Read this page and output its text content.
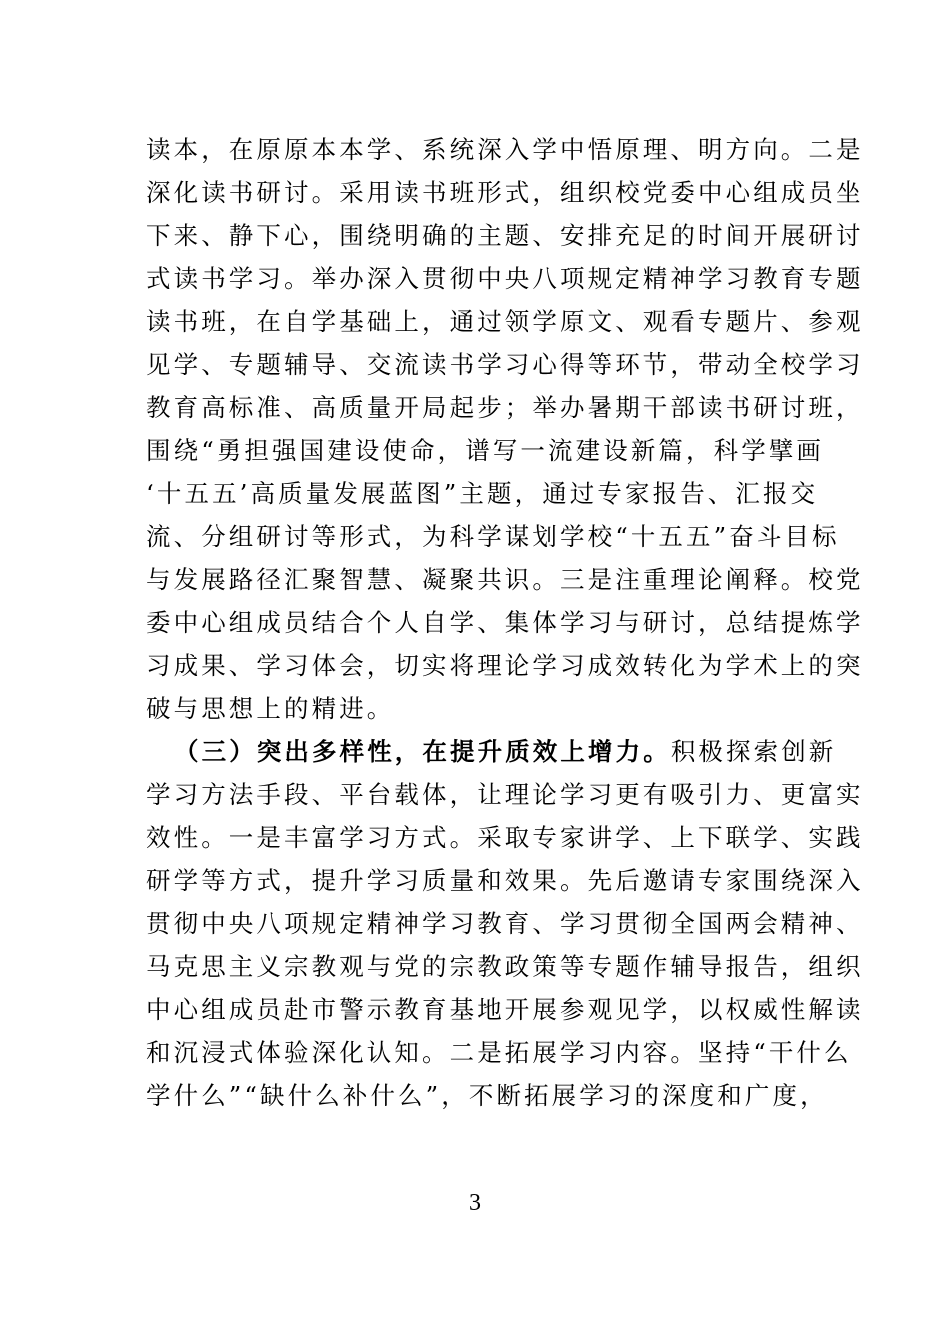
读本，在原原本本学、系统深入学中悟原理、明方向。二是
深化读书研讨。采用读书班形式，组织校党委中心组成员坐
下来、静下心，围绕明确的主题、安排充足的时间开展研讨
式读书学习。举办深入贯彻中央八项规定精神学习教育专题
读书班，在自学基础上，通过领学原文、观看专题片、参观
见学、专题辅导、交流读书学习心得等环节，带动全校学习
教育高标准、高质量开局起步；举办暑期干部读书研讨班，
围绕“勇担强国建设使命，谱写一流建设新篇，科学擘画
‘十五五’高质量发展蓝图”主题，通过专家报告、汇报交
流、分组研讨等形式，为科学谋划学校“十五五”奋斗目标
与发展路径汇聚智慧、凝聚共识。三是注重理论阐释。校党
委中心组成员结合个人自学、集体学习与研讨，总结提炼学
习成果、学习体会，切实将理论学习成效转化为学术上的突
破与思想上的精进。
（三）突出多样性，在提升质效上增力。积极探索创新
学习方法手段、平台载体，让理论学习更有吸引力、更富实
效性。一是丰富学习方式。采取专家讲学、上下联学、实践
研学等方式，提升学习质量和效果。先后邀请专家围绕深入
贯彻中央八项规定精神学习教育、学习贯彻全国两会精神、
马克思主义宗教观与党的宗教政策等专题作辅导报告，组织
中心组成员赴市警示教育基地开展参观见学，以权威性解读
和沉浸式体验深化认知。二是拓展学习内容。坚持“干什么
学什么”“缺什么补什么”，不断拓展学习的深度和广度，
3
